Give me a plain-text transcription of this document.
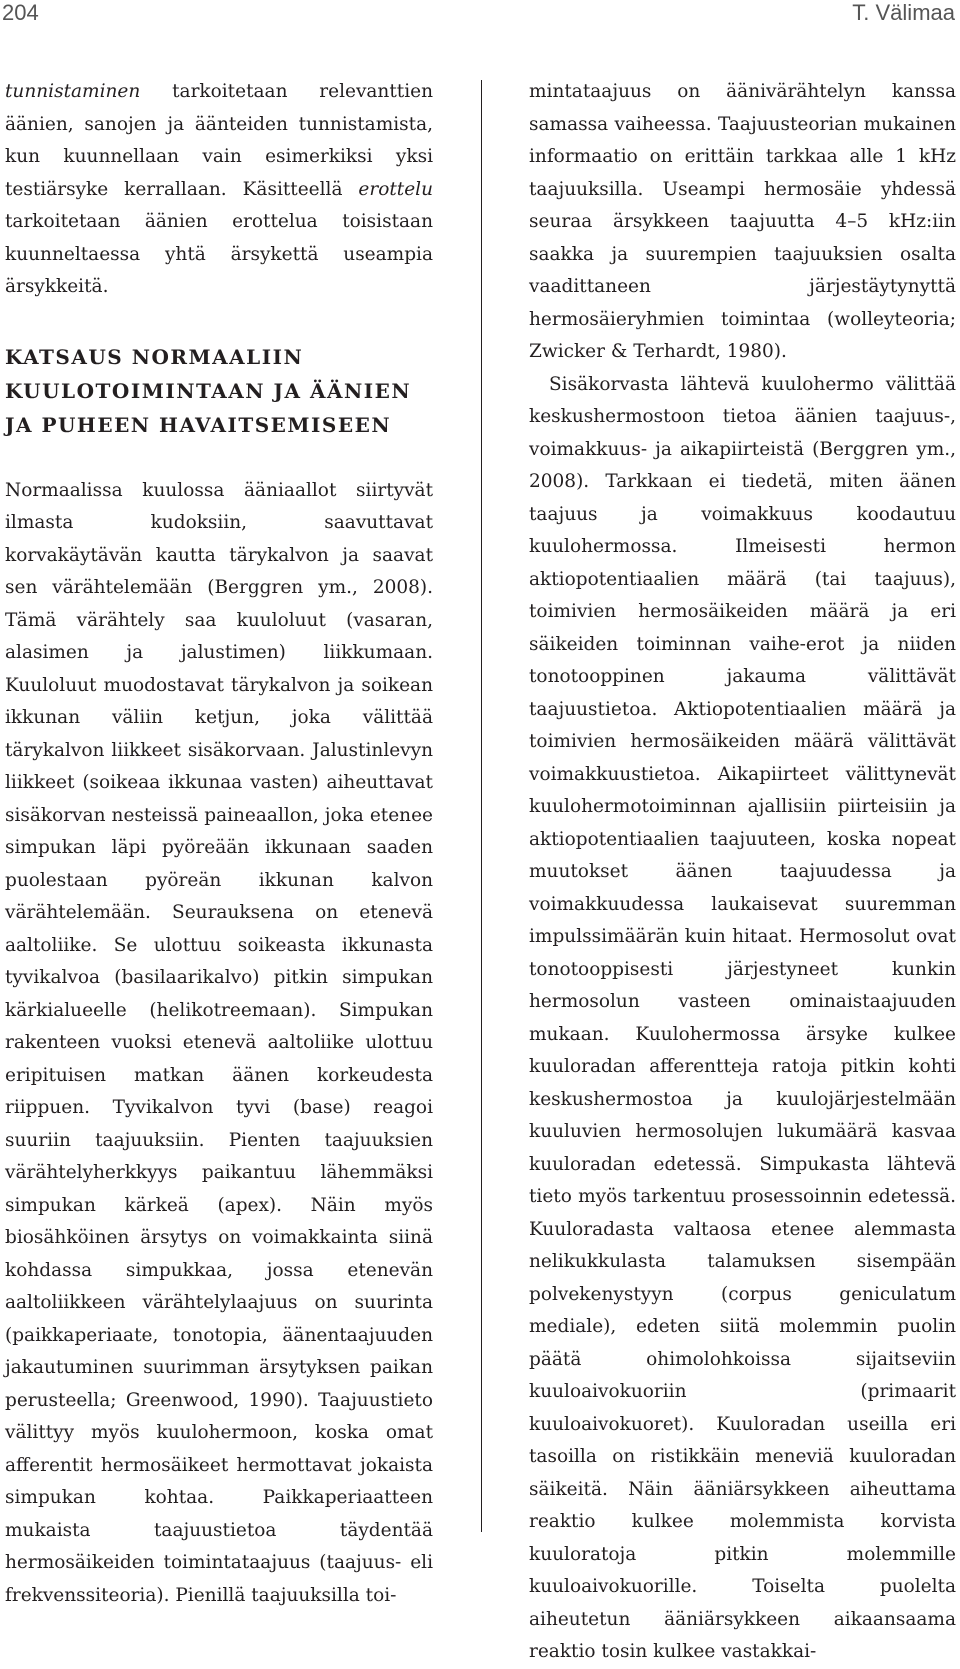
204	T. Välimaa

tunnistaminen tarkoitetaan relevanttien äänien, sanojen ja äänteiden tunnistamista, kun kuunnellaan vain esimerkiksi yksi testiärsyke kerrallaan. Käsitteellä erottelu tarkoitetaan äänien erottelua toisistaan kuunneltaessa yhtä ärsykettä useampia ärsykkeitä.

KATSAUS NORMAALIIN
KUULOTOIMINTAAN JA ÄÄNIEN
JA PUHEEN HAVAITSEMISEEN

Normaalissa kuulossa ääniaallot siirtyvät ilmasta kudoksiin, saavuttavat korvakäytävän kautta tärykalvon ja saavat sen värähtelemään (Berggren ym., 2008). Tämä värähtely saa kuuloluut (vasaran, alasimen ja jalustimen) liikkumaan. Kuuloluut muodostavat tärykalvon ja soikean ikkunan väliin ketjun, joka välittää tärykalvon liikkeet sisäkorvaan. Jalustinlevyn liikkeet (soikeaa ikkunaa vasten) aiheuttavat sisäkorvan nesteissä paineaallon, joka etenee simpukan läpi pyöreään ikkunaan saaden puolestaan pyöreän ikkunan kalvon värähtelemään. Seurauksena on etenevä aaltoliike. Se ulottuu soikeasta ikkunasta tyvikalvoa (basilaarikalvo) pitkin simpukan kärkialueelle (helikotreemaan). Simpukan rakenteen vuoksi etenevä aaltoliike ulottuu eripituisen matkan äänen korkeudesta riippuen. Tyvikalvon tyvi (base) reagoi suuriin taajuuksiin. Pienten taajuuksien värähtelyherkkyys paikantuu lähemmäksi simpukan kärkeä (apex). Näin myös biosähköinen ärsytys on voimakkainta siinä kohdassa simpukkaa, jossa etenevän aaltoliikkeen värähtelylaajuus on suurinta (paikkaperiaate, tonotopia, äänentaajuuden jakautuminen suurimman ärsytyksen paikan perusteella; Greenwood, 1990). Taajuustieto välittyy myös kuulohermoon, koska omat afferentit hermosäikeet hermottavat jokaista simpukan kohtaa. Paikkaperiaatteen mukaista taajuustietoa täydentää hermosäikeiden toimintataajuus (taajuus- eli frekvenssiteoria). Pienillä taajuuksilla toi-

mintataajuus on äänivärähtelyn kanssa samassa vaiheessa. Taajuusteorian mukainen informaatio on erittäin tarkkaa alle 1 kHz taajuuksilla. Useampi hermosäie yhdessä seuraa ärsykkeen taajuutta 4–5 kHz:iin saakka ja suurempien taajuuksien osalta vaadittaneen järjestäytynyttä hermosäieryhmien toimintaa (wolleyteoria; Zwicker & Terhardt, 1980).

Sisäkorvasta lähtevä kuulohermo välittää keskushermostoon tietoa äänien taajuus-, voimakkuus- ja aikapiirteistä (Berggren ym., 2008). Tarkkaan ei tiedetä, miten äänen taajuus ja voimakkuus koodautuu kuulohermossa. Ilmeisesti hermon aktiopotentiaalien määrä (tai taajuus), toimivien hermosäikeiden määrä ja eri säikeiden toiminnan vaihe-erot ja niiden tonotooppinen jakauma välittävät taajuustietoa. Aktiopotentiaalien määrä ja toimivien hermosäikeiden määrä välittävät voimakkuustietoa. Aikapiirteet välittynevät kuulohermotoiminnan ajallisiin piirteisiin ja aktiopotentiaalien taajuuteen, koska nopeat muutokset äänen taajuudessa ja voimakkuudessa laukaisevat suuremman impulssimäärän kuin hitaat. Hermosolut ovat tonotooppisesti järjestyneet kunkin hermosolun vasteen ominaistaajuuden mukaan. Kuulohermossa ärsyke kulkee kuuloradan afferentteja ratoja pitkin kohti keskushermostoa ja kuulojärjestelmään kuuluvien hermosolujen lukumäärä kasvaa kuuloradan edetessä. Simpukasta lähtevä tieto myös tarkentuu prosessoinnin edetessä. Kuuloradasta valtaosa etenee alemmasta nelikukkulasta talamuksen sisempään polvekenystyyn (corpus geniculatum mediale), edeten siitä molemmin puolin päätä ohimolohkoissa sijaitseviin kuuloaivokuoriin (primaarit kuuloaivokuoret). Kuuloradan useilla eri tasoilla on ristikkäin meneviä kuuloradan säikeitä. Näin ääniärsykkeen aiheuttama reaktio kulkee molemmista korvista kuuloratoja pitkin molemmille kuuloaivokuorille. Toiselta puolelta aiheutetun ääniärsykkeen aikaansaama reaktio tosin kulkee vastakkai-
